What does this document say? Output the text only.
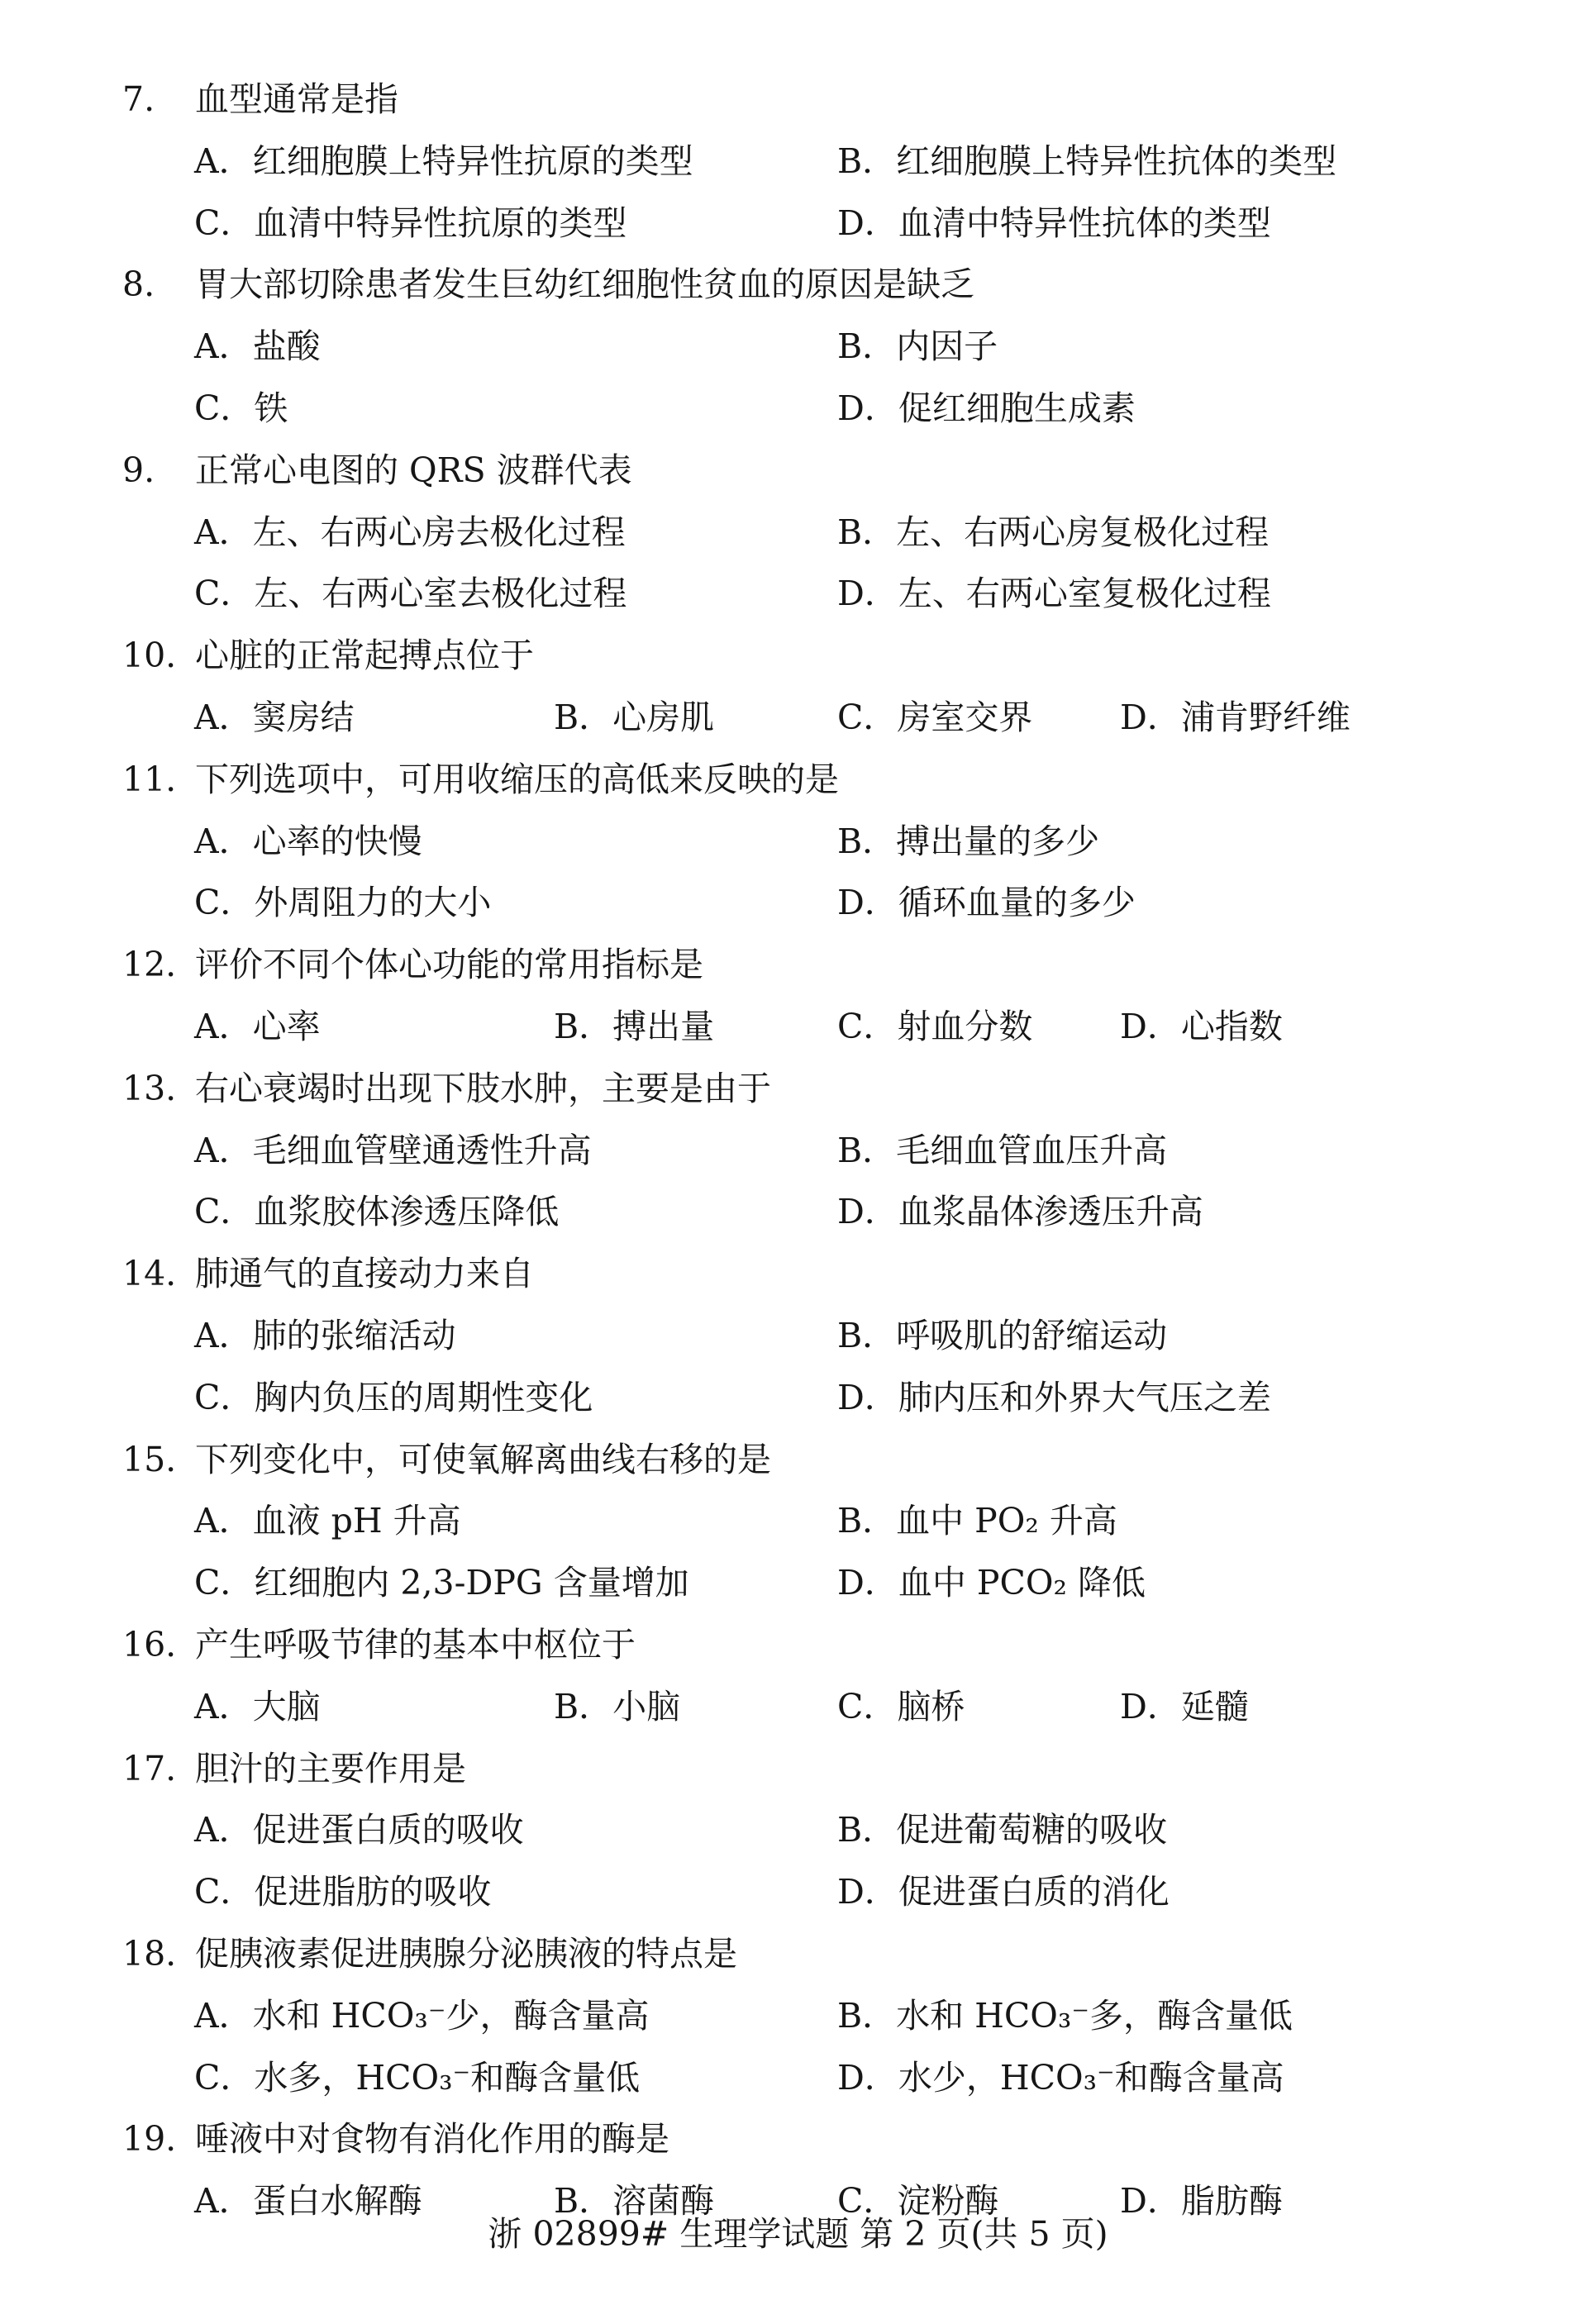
7. 血型通常是指
A．红细胞膜上特异性抗原的类型	B．红细胞膜上特异性抗体的类型
C．血清中特异性抗原的类型	D．血清中特异性抗体的类型
8. 胃大部切除患者发生巨幼红细胞性贫血的原因是缺乏
A．盐酸	B．内因子
C．铁	D．促红细胞生成素
9. 正常心电图的 QRS 波群代表
A．左、右两心房去极化过程	B．左、右两心房复极化过程
C．左、右两心室去极化过程	D．左、右两心室复极化过程
10. 心脏的正常起搏点位于
A．窦房结	B．心房肌	C．房室交界	D．浦肯野纤维
11. 下列选项中，可用收缩压的高低来反映的是
A．心率的快慢	B．搏出量的多少
C．外周阻力的大小	D．循环血量的多少
12. 评价不同个体心功能的常用指标是
A．心率	B．搏出量	C．射血分数	D．心指数
13. 右心衰竭时出现下肢水肿，主要是由于
A．毛细血管壁通透性升高	B．毛细血管血压升高
C．血浆胶体渗透压降低	D．血浆晶体渗透压升高
14. 肺通气的直接动力来自
A．肺的张缩活动	B．呼吸肌的舒缩运动
C．胸内负压的周期性变化	D．肺内压和外界大气压之差
15. 下列变化中，可使氧解离曲线右移的是
A．血液 pH 升高	B．血中 PO₂ 升高
C．红细胞内 2,3-DPG 含量增加	D．血中 PCO₂ 降低
16. 产生呼吸节律的基本中枢位于
A．大脑	B．小脑	C．脑桥	D．延髓
17. 胆汁的主要作用是
A．促进蛋白质的吸收	B．促进葡萄糖的吸收
C．促进脂肪的吸收	D．促进蛋白质的消化
18. 促胰液素促进胰腺分泌胰液的特点是
A．水和 HCO₃⁻少，酶含量高	B．水和 HCO₃⁻多，酶含量低
C．水多，HCO₃⁻和酶含量低	D．水少，HCO₃⁻和酶含量高
19. 唾液中对食物有消化作用的酶是
A．蛋白水解酶	B．溶菌酶	C．淀粉酶	D．脂肪酶
浙 02899# 生理学试题 第 2 页(共 5 页)
